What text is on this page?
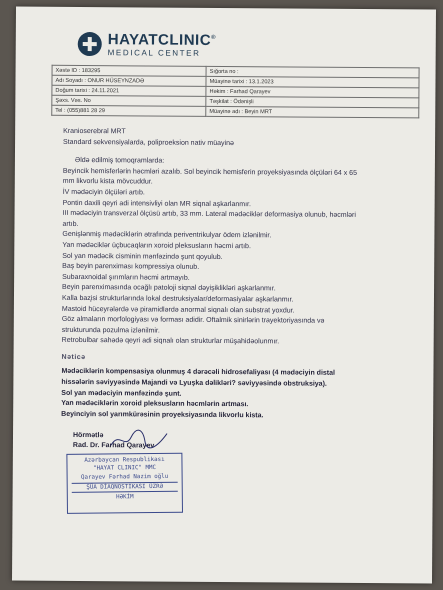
HAYATCLINIC®
MEDICAL CENTER
Xəstə ID : 183295	Sığorta no :
Adı Soyadı : ONUR HÜSEYNZADƏ	Müayinə tarixi : 13.1.2023
Doğum tarixi : 24.11.2021	Həkim : Farhad Qarayev
Şəxs. Vəs. No	Təşkilat : Ödənişli
Tel : (055)881 28 29	Müayinə adı : Beyin MRT

Kranioserebral MRT

Standard sekvensiyalarda, poliproeksion nativ müayinə

Əldə edilmiş tomoqramlarda:

Beyincik hemisferlərin həcmləri azalıb. Sol beyincik hemisferin proyeksiyasında ölçüləri 64 x 65

mm likvorlu kista mövcuddur.

İV mədəciyin ölçüləri artıb.

Pontin daxili qeyri adi intensivliyi olan MR siqnal aşkarlanmır.

III mədəciyin transverzal ölçüsü artıb, 33 mm. Lateral mədəciklər deformasiya olunub, həcmləri

artıb.

Genişlənmiş mədəciklərin ətrafında periventrikulyar ödem izlənilmir.

Yan mədəciklər üçbucaqların xoroid pleksusların həcmi artıb.

Sol yan mədəcik cisminin mənfəzində şunt qoyulub.

Baş beyin parenximası kompressiya olunub.

Subaraxnoidal şırımların həcmi artmayıb.

Beyin parenximasında ocağlı patoloji siqnal dəyişiklikləri aşkarlanmır.

Kalla baz̧isi strukturlarında lokal destruksiyalar/deformasiyalar aşkarlanmır.

Mastoid hüceyrələrdə və piramidlərdə anormal siqnalı olan substrat yoxdur.

Göz almaların morfologiyası və forması adidir. Oftalmik sinirlərin trayektoriyasında və

strukturunda pozulma izlənilmir.

Retrobulbar sahədə qeyri adi siqnalı olan strukturlar müşahidəolunmır.

Nəticə

Mədəciklərin kompensasiya olunmuş 4 dərəcəli hidrosefaliyası (4 mədəciyin distal

hissələrin səviyyəsində Majandi və Lyuşka dəlikləri? səviyyəsində obstruksiya).

Sol yan mədəciyin mənfəzində şunt.

Yan mədəciklərin xoroid pleksusların həcmlərin artması.

Beyinciyin sol yarımkürəsinin proyeksiyasında likvorlu kista.

Hörmətlə

Rad. Dr. Farhad Qarayev

Azərbaycan Respublikası

"HAYAT CLINIC" MMC

Qarayev Fərhad Nazim oğlu

ŞÜA DİAQNOSTİKASI ÜZRƏ

HƏKİM
